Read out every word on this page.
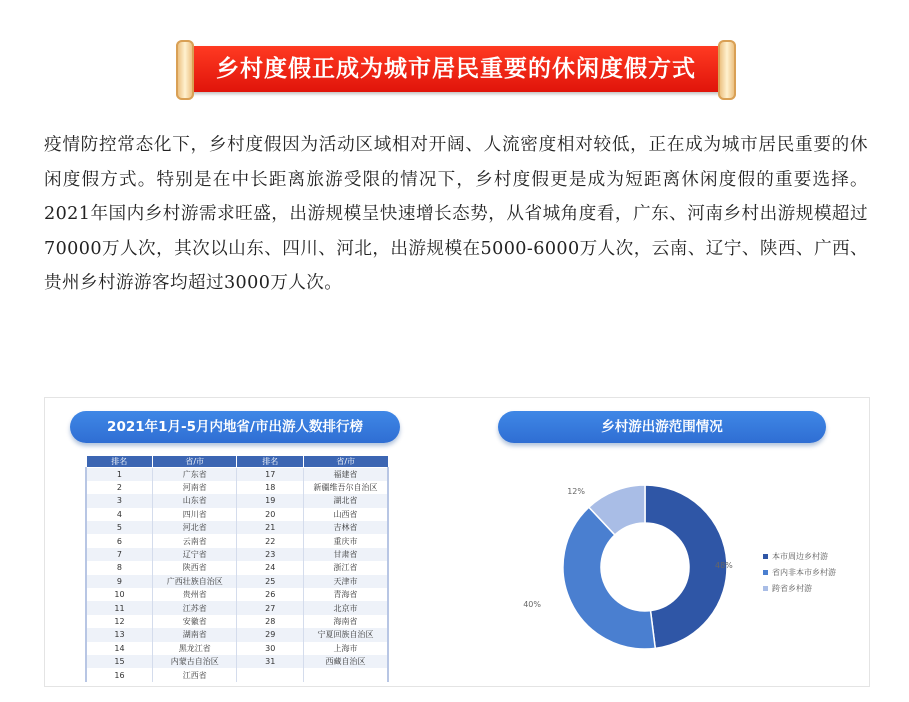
乡村度假正成为城市居民重要的休闲度假方式

疫情防控常态化下，乡村度假因为活动区域相对开阔、人流密度相对较低，正在成为城市居民重要的休闲度假方式。特别是在中长距离旅游受限的情况下，乡村度假更是成为短距离休闲度假的重要选择。2021年国内乡村游需求旺盛，出游规模呈快速增长态势，从省城角度看，广东、河南乡村出游规模超过70000万人次，其次以山东、四川、河北，出游规模在5000-6000万人次，云南、辽宁、陕西、广西、贵州乡村游游客均超过3000万人次。

2021年1月-5月内地省/市出游人数排行榜
排名	省/市	排名	省/市
1	广东省	17	福建省
2	河南省	18	新疆维吾尔自治区
3	山东省	19	湖北省
4	四川省	20	山西省
5	河北省	21	吉林省
6	云南省	22	重庆市
7	辽宁省	23	甘肃省
8	陕西省	24	浙江省
9	广西壮族自治区	25	天津市
10	贵州省	26	青海省
11	江苏省	27	北京市
12	安徽省	28	海南省
13	湖南省	29	宁夏回族自治区
14	黑龙江省	30	上海市
15	内蒙古自治区	31	西藏自治区
16	江西省		
乡村游出游范围情况
48%
40%
12%
本市周边乡村游
省内非本市乡村游
跨省乡村游
